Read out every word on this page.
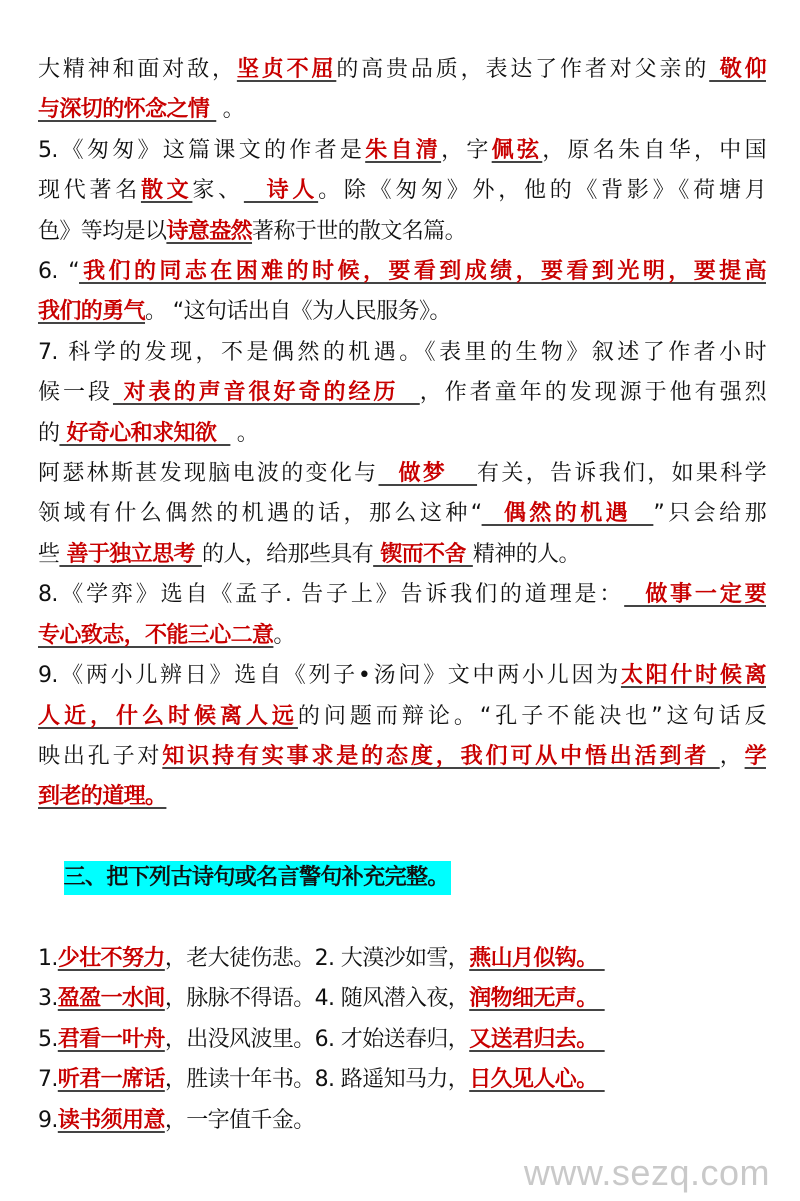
大精神和面对敌，坚贞不屈的高贵品质，表达了作者对父亲的 敬仰
与深切的怀念之情  。
5.《匆匆》这篇课文的作者是朱自清，字佩弦，原名朱自华，中国
现代著名散文家、  诗人。除《匆匆》外，他的《背影》《荷塘月
色》等均是以诗意盎然著称于世的散文名篇。
6. “我们的同志在困难的时候，要看到成绩，要看到光明，要提高
我们的勇气。 “这句话出自《为人民服务》。
7. 科学的发现，不是偶然的机遇。《表里的生物》叙述了作者小时
候一段 对表的声音很好奇的经历  ，作者童年的发现源于他有强烈
的 好奇心和求知欲   。
阿瑟林斯甚发现脑电波的变化与  做梦   有关，告诉我们，如果科学
领域有什么偶然的机遇的话，那么这种“  偶然的机遇  ”只会给那
些 善于独立思考 的人，给那些具有 锲而不舍 精神的人。
8.《学弈》选自《孟子. 告子上》告诉我们的道理是：  做事一定要
专心致志，不能三心二意。
9.《两小儿辨日》选自《列子•汤问》文中两小儿因为太阳什时候离
人近，什么时候离人远的问题而辩论。“孔子不能决也”这句话反
映出孔子对知识持有实事求是的态度，我们可从中悟出活到者 ，学
到老的道理。

三、把下列古诗句或名言警句补充完整。

1.少壮不努力，老大徒伤悲。2. 大漠沙如雪，燕山月似钩。
3.盈盈一水间，脉脉不得语。4. 随风潜入夜，润物细无声。
5.君看一叶舟，出没风波里。6. 才始送春归，又送君归去。
7.听君一席话，胜读十年书。8. 路遥知马力，日久见人心。
9.读书须用意，一字值千金。
www.sezq.com
